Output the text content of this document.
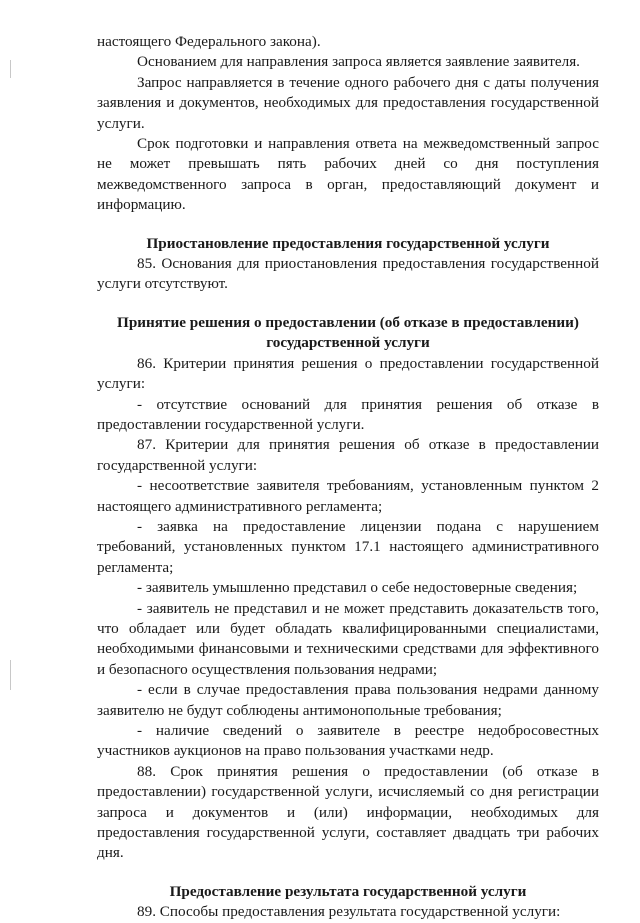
настоящего Федерального закона).

Основанием для направления запроса является заявление заявителя.

Запрос направляется в течение одного рабочего дня с даты получения заявления и документов, необходимых для предоставления государственной услуги.

Срок подготовки и направления ответа на межведомственный запрос не может превышать пять рабочих дней со дня поступления межведомственного запроса в орган, предоставляющий документ и информацию.

Приостановление предоставления государственной услуги

85. Основания для приостановления предоставления государственной услуги отсутствуют.

Принятие решения о предоставлении (об отказе в предоставлении) государственной услуги

86. Критерии принятия решения о предоставлении государственной услуги:

- отсутствие оснований для принятия решения об отказе в предоставлении государственной услуги.

87. Критерии для принятия решения об отказе в предоставлении государственной услуги:

- несоответствие заявителя требованиям, установленным пунктом 2 настоящего административного регламента;

- заявка на предоставление лицензии подана с нарушением требований, установленных пунктом 17.1 настоящего административного регламента;

- заявитель умышленно представил о себе недостоверные сведения;

- заявитель не представил и не может представить доказательств того, что обладает или будет обладать квалифицированными специалистами, необходимыми финансовыми и техническими средствами для эффективного и безопасного осуществления пользования недрами;

- если в случае предоставления права пользования недрами данному заявителю не будут соблюдены антимонопольные требования;

- наличие сведений о заявителе в реестре недобросовестных участников аукционов на право пользования участками недр.

88. Срок принятия решения о предоставлении (об отказе в предоставлении) государственной услуги, исчисляемый со дня регистрации запроса и документов и (или) информации, необходимых для предоставления государственной услуги, составляет двадцать три рабочих дня.

Предоставление результата государственной услуги

89. Способы предоставления результата государственной услуги:
